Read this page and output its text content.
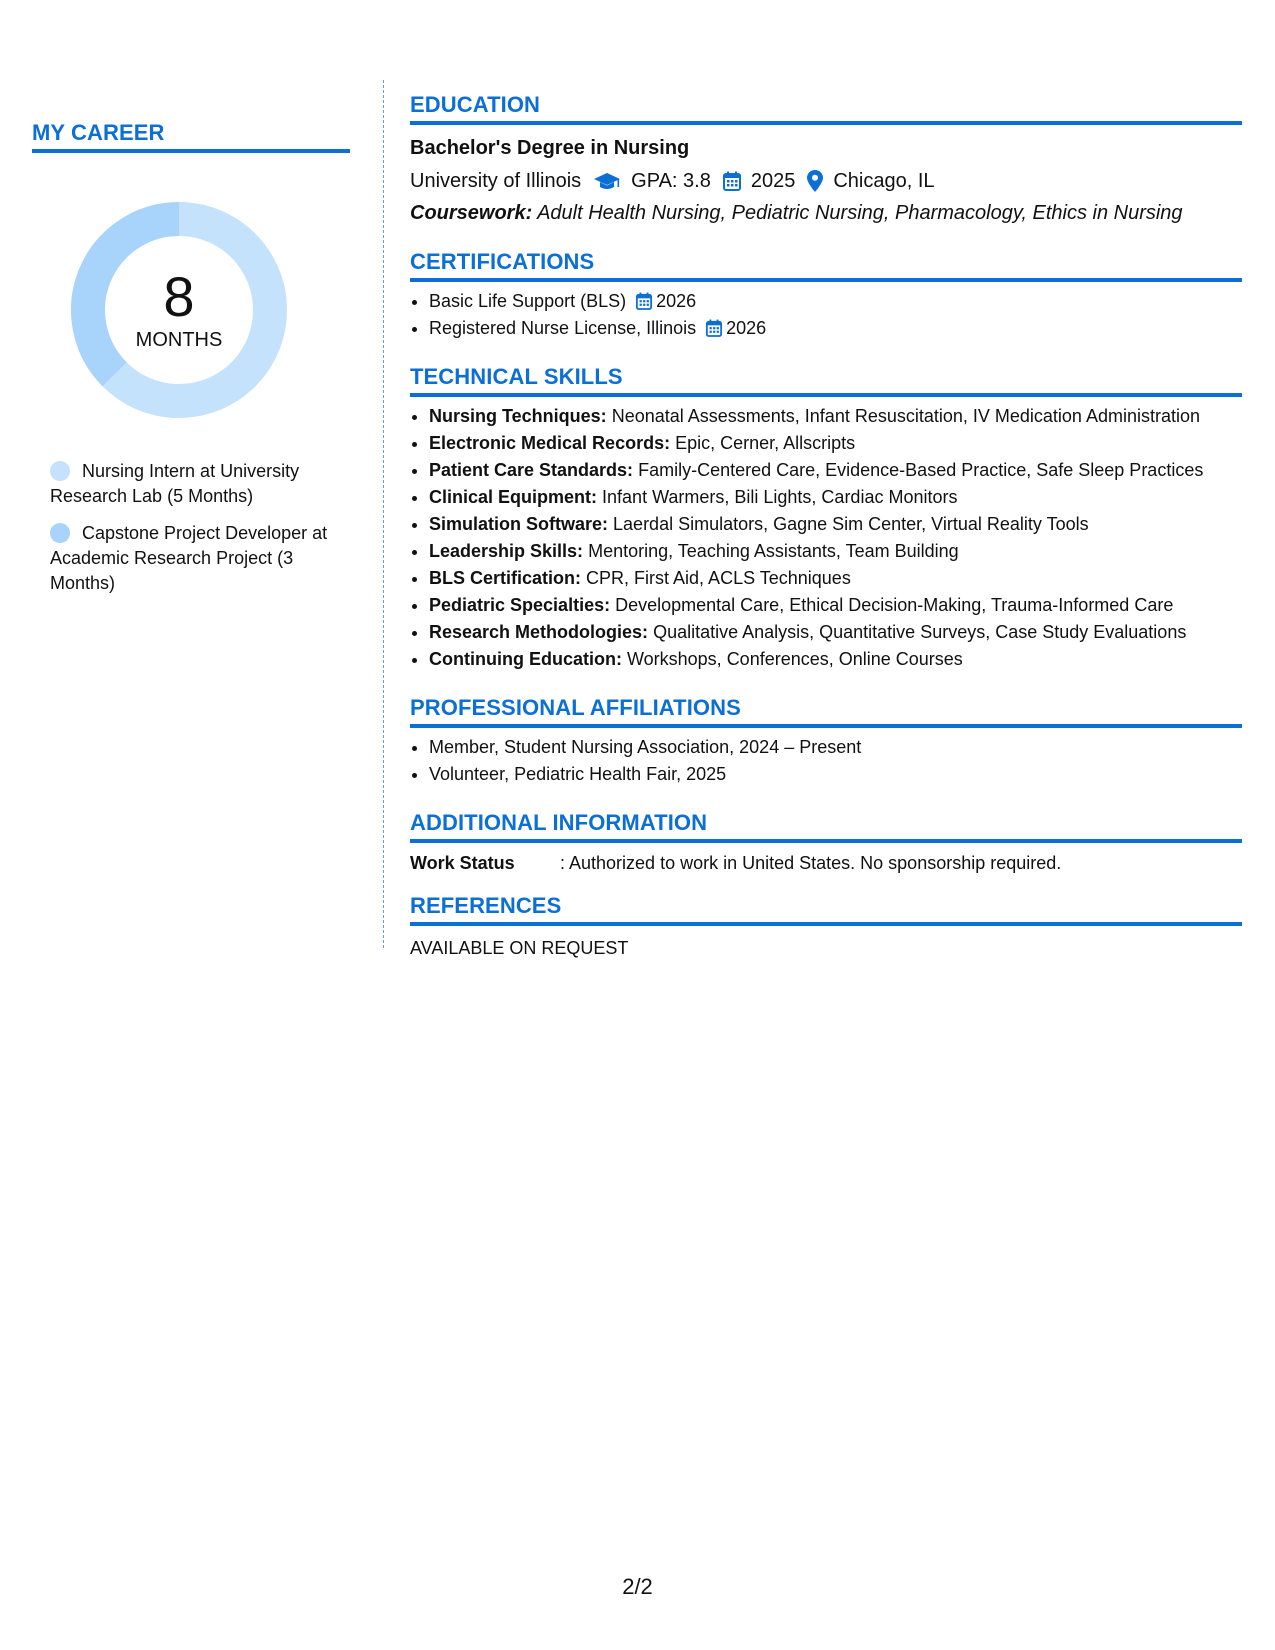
MY CAREER
8
MONTHS
Nursing Intern at University Research Lab (5 Months)
Capstone Project Developer at Academic Research Project (3 Months)
EDUCATION
Bachelor's Degree in Nursing
University of Illinois	GPA: 3.8 2025 Chicago, IL
Coursework: Adult Health Nursing, Pediatric Nursing, Pharmacology, Ethics in Nursing
CERTIFICATIONS
• Basic Life Support (BLS) 2026
• Registered Nurse License, Illinois 2026
TECHNICAL SKILLS
• Nursing Techniques: Neonatal Assessments, Infant Resuscitation, IV Medication Administration
• Electronic Medical Records: Epic, Cerner, Allscripts
• Patient Care Standards: Family-Centered Care, Evidence-Based Practice, Safe Sleep Practices
• Clinical Equipment: Infant Warmers, Bili Lights, Cardiac Monitors
• Simulation Software: Laerdal Simulators, Gagne Sim Center, Virtual Reality Tools
• Leadership Skills: Mentoring, Teaching Assistants, Team Building
• BLS Certification: CPR, First Aid, ACLS Techniques
• Pediatric Specialties: Developmental Care, Ethical Decision-Making, Trauma-Informed Care
• Research Methodologies: Qualitative Analysis, Quantitative Surveys, Case Study Evaluations
• Continuing Education: Workshops, Conferences, Online Courses
PROFESSIONAL AFFILIATIONS
• Member, Student Nursing Association, 2024 – Present
• Volunteer, Pediatric Health Fair, 2025
ADDITIONAL INFORMATION
Work Status	: Authorized to work in United States. No sponsorship required.
REFERENCES
AVAILABLE ON REQUEST
2/2
